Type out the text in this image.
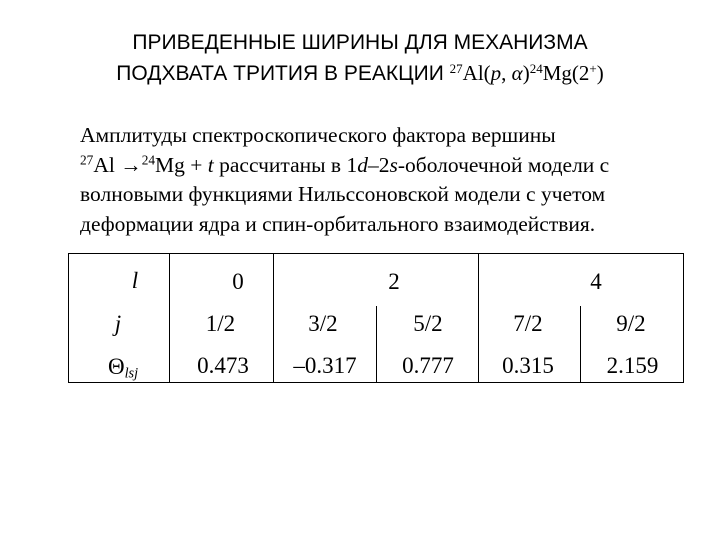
ПРИВЕДЕННЫЕ ШИРИНЫ ДЛЯ МЕХАНИЗМА
ПОДХВАТА ТРИТИЯ В РЕАКЦИИ $^{27}$Al(p, α)$^{24}$Mg(2+)
Амплитуды спектроскопического фактора вершины
$^{27}$Al →$^{24}$Mg + t рассчитаны в 1d–2s-оболочечной модели с
волновыми функциями Нильссоновской модели с учетом
деформации ядра и спин-орбитального взаимодействия.
l	0	2	4
j	1/2	3/2	5/2	7/2	9/2
$\Theta_{lsj}$	0.473	–0.317	0.777	0.315	2.159
